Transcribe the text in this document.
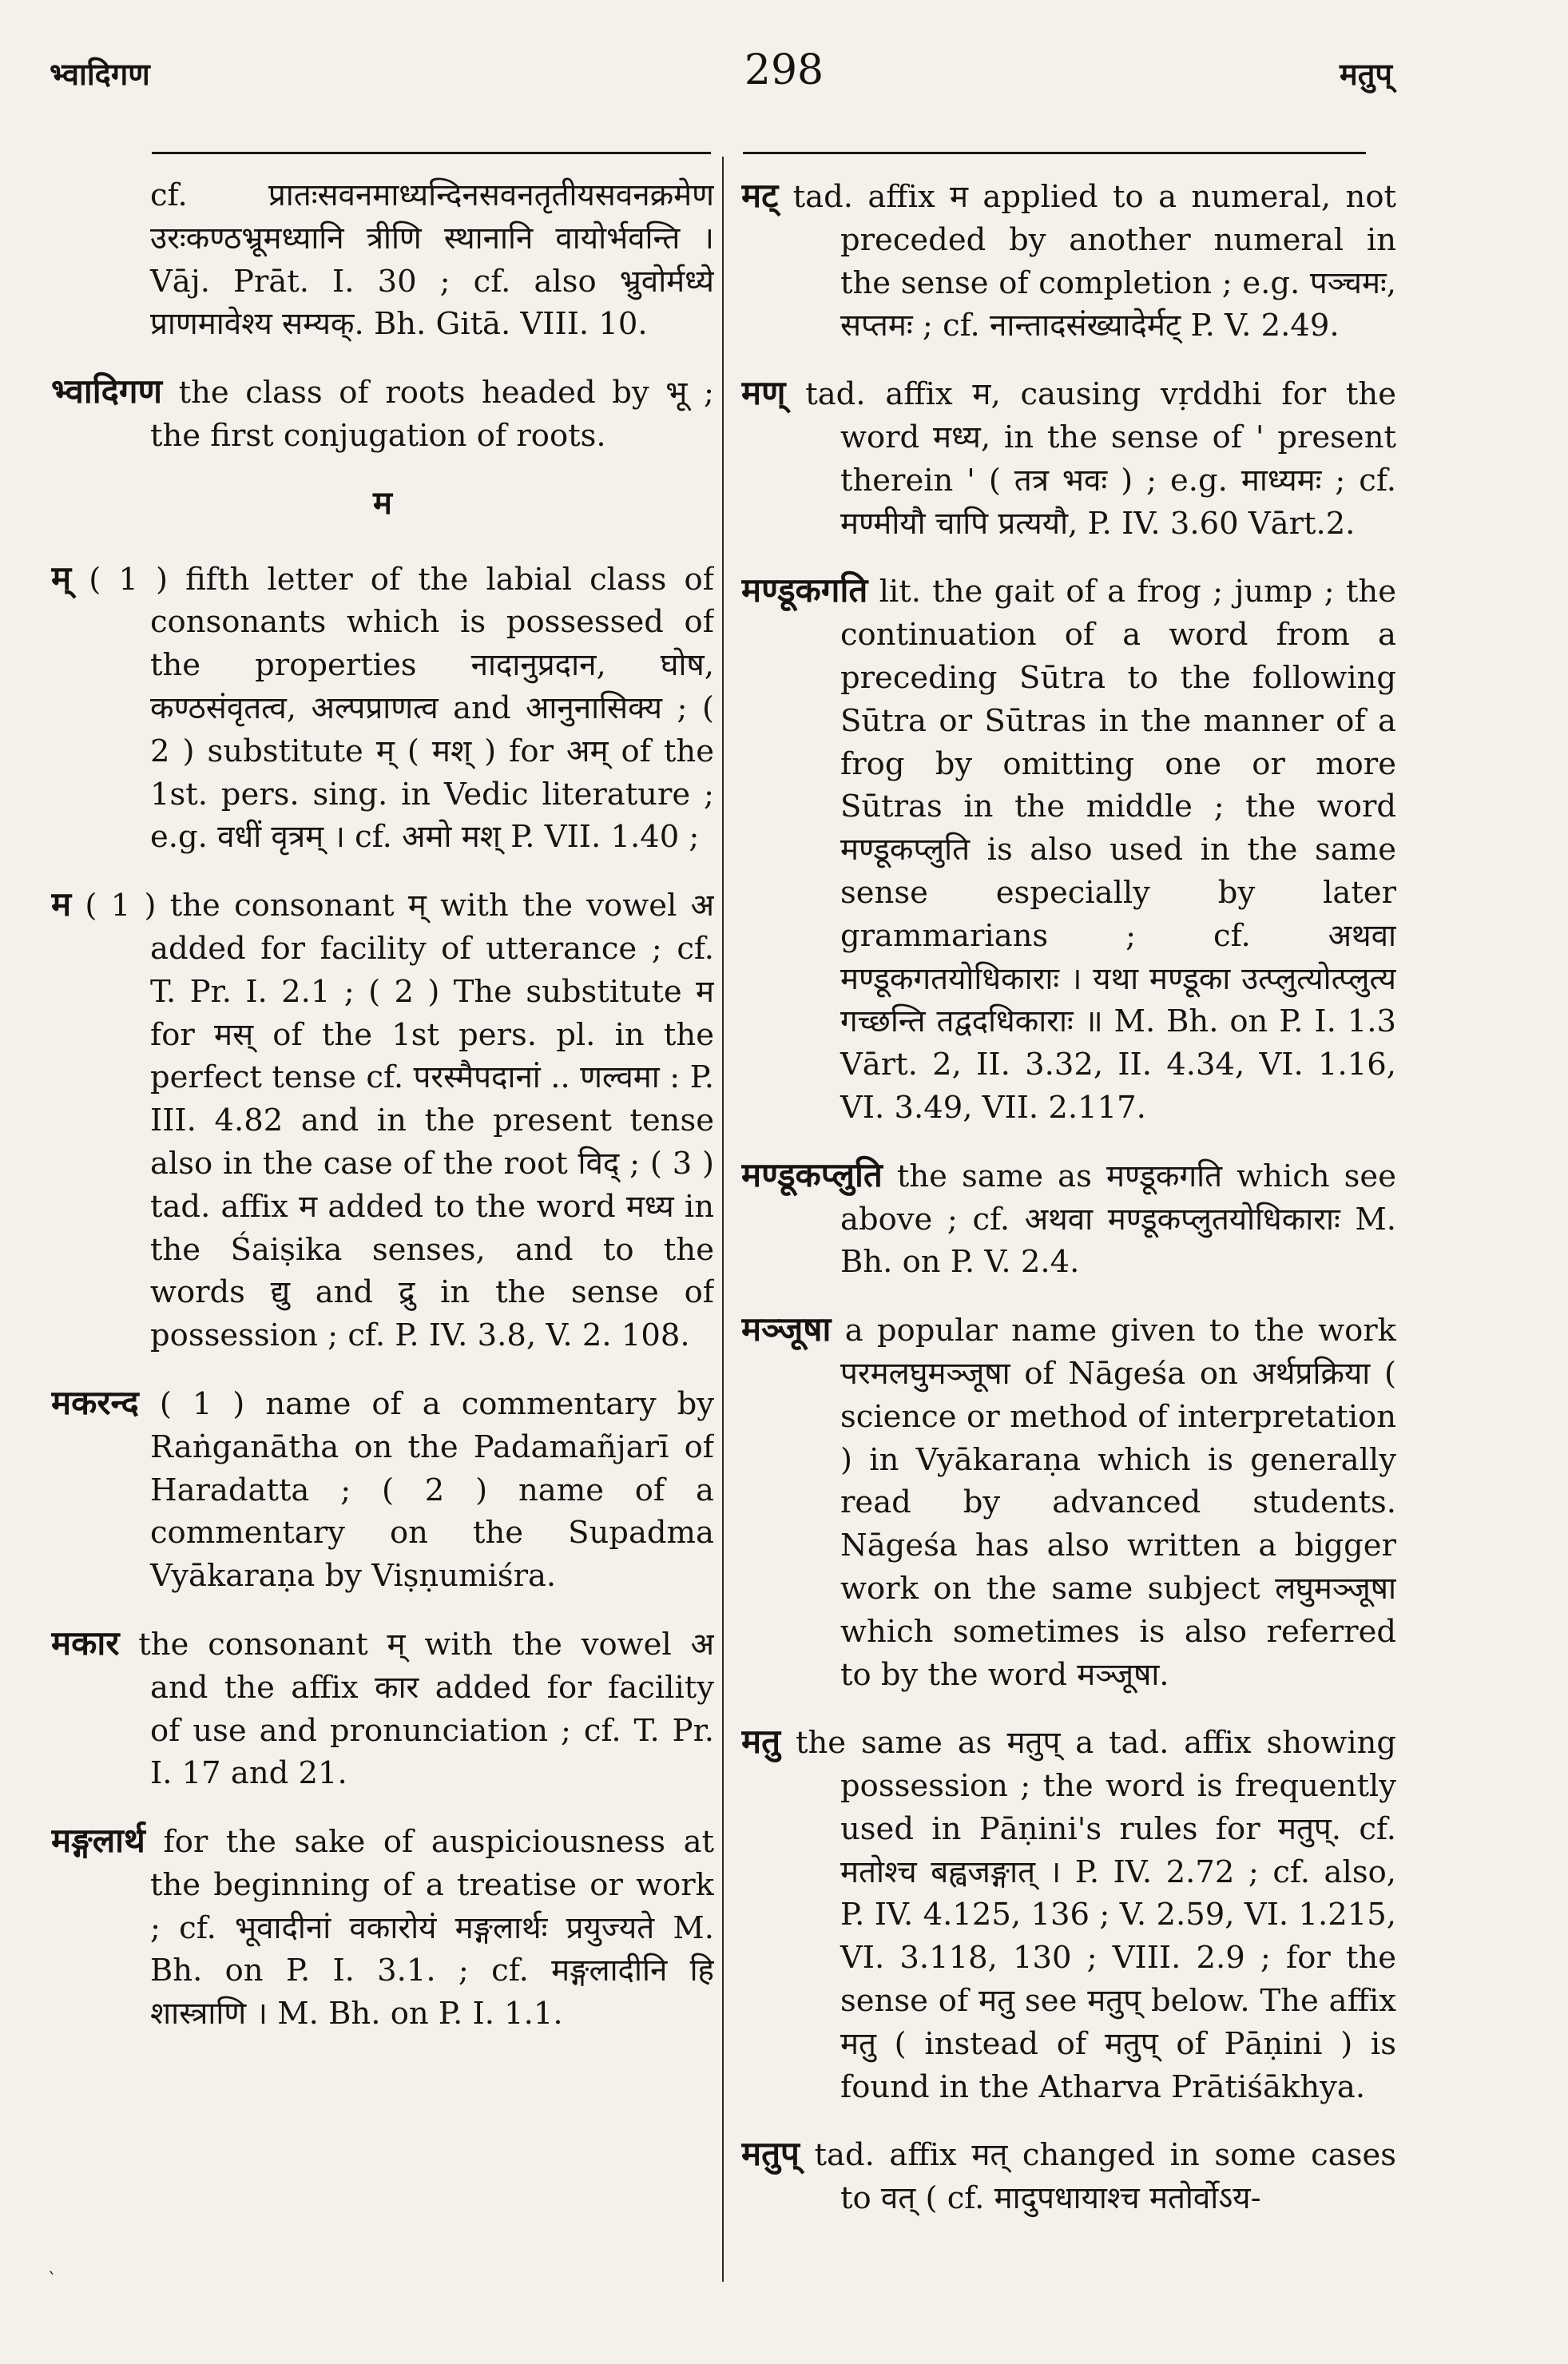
भ्वादिगण	298	मतुप्

cf. प्रातःसवनमाध्यन्दिनसवनतृतीयसवनक्रमेण उरःकण्ठभ्रूमध्यानि त्रीणि स्थानानि वायोर्भवन्ति । Vāj. Prāt. I. 30 ; cf. also भ्रुवोर्मध्ये प्राणमावेश्य सम्यक्. Bh. Gitā. VIII. 10.

भ्वादिगण the class of roots headed by भू ; the first conjugation of roots.

म

म् ( 1 ) fifth letter of the labial class of consonants which is possessed of the properties नादानुप्रदान, घोष, कण्ठसंवृतत्व, अल्पप्राणत्व and आनुनासिक्य ; ( 2 ) substitute म् ( मश् ) for अम् of the 1st. pers. sing. in Vedic literature ; e.g. वधीं वृत्रम् । cf. अमो मश् P. VII. 1.40 ;

म ( 1 ) the consonant म् with the vowel अ added for facility of utterance ; cf. T. Pr. I. 2.1 ; ( 2 ) The substitute म for मस् of the 1st pers. pl. in the perfect tense cf. परस्मैपदानां .. णल्वमा : P. III. 4.82 and in the present tense also in the case of the root विद् ; ( 3 ) tad. affix म added to the word मध्य in the Śaiṣika senses, and to the words द्यु and द्रु in the sense of possession ; cf. P. IV. 3.8, V. 2. 108.

मकरन्द ( 1 ) name of a commentary by Raṅganātha on the Padamañjarī of Haradatta ; ( 2 ) name of a commentary on the Supadma Vyākaraṇa by Viṣṇumiśra.

मकार the consonant म् with the vowel अ and the affix कार added for facility of use and pronunciation ; cf. T. Pr. I. 17 and 21.

मङ्गलार्थ for the sake of auspiciousness at the beginning of a treatise or work ; cf. भूवादीनां वकारोयं मङ्गलार्थः प्रयुज्यते M. Bh. on P. I. 3.1. ; cf. मङ्गलादीनि हि शास्त्राणि । M. Bh. on P. I. 1.1.

मट् tad. affix म applied to a numeral, not preceded by another numeral in the sense of completion ; e.g. पञ्चमः, सप्तमः ; cf. नान्तादसंख्यादेर्मट् P. V. 2.49.

मण् tad. affix म, causing vṛddhi for the word मध्य, in the sense of ' present therein ' ( तत्र भवः ) ; e.g. माध्यमः ; cf. मण्मीयौ चापि प्रत्ययौ, P. IV. 3.60 Vārt.2.

मण्डूकगति lit. the gait of a frog ; jump ; the continuation of a word from a preceding Sūtra to the following Sūtra or Sūtras in the manner of a frog by omitting one or more Sūtras in the middle ; the word मण्डूकप्लुति is also used in the same sense especially by later grammarians ; cf. अथवा मण्डूकगतयोधिकाराः । यथा मण्डूका उत्प्लुत्योत्प्लुत्य गच्छन्ति तद्वदधिकाराः ॥ M. Bh. on P. I. 1.3 Vārt. 2, II. 3.32, II. 4.34, VI. 1.16, VI. 3.49, VII. 2.117.

मण्डूकप्लुति the same as मण्डूकगति which see above ; cf. अथवा मण्डूकप्लुतयोधिकाराः M. Bh. on P. V. 2.4.

मञ्जूषा a popular name given to the work परमलघुमञ्जूषा of Nāgeśa on अर्थप्रक्रिया ( science or method of interpretation ) in Vyākaraṇa which is generally read by advanced students. Nāgeśa has also written a bigger work on the same subject लघुमञ्जूषा which sometimes is also referred to by the word मञ्जूषा.

मतु the same as मतुप् a tad. affix showing possession ; the word is frequently used in Pāṇini's rules for मतुप्. cf. मतोश्च बह्वजङ्गात् । P. IV. 2.72 ; cf. also, P. IV. 4.125, 136 ; V. 2.59, VI. 1.215, VI. 3.118, 130 ; VIII. 2.9 ; for the sense of मतु see मतुप् below. The affix मतु ( instead of मतुप् of Pāṇini ) is found in the Atharva Prātiśākhya.

मतुप् tad. affix मत् changed in some cases to वत् ( cf. मादुपधायाश्च मतोर्वोऽय-

`
